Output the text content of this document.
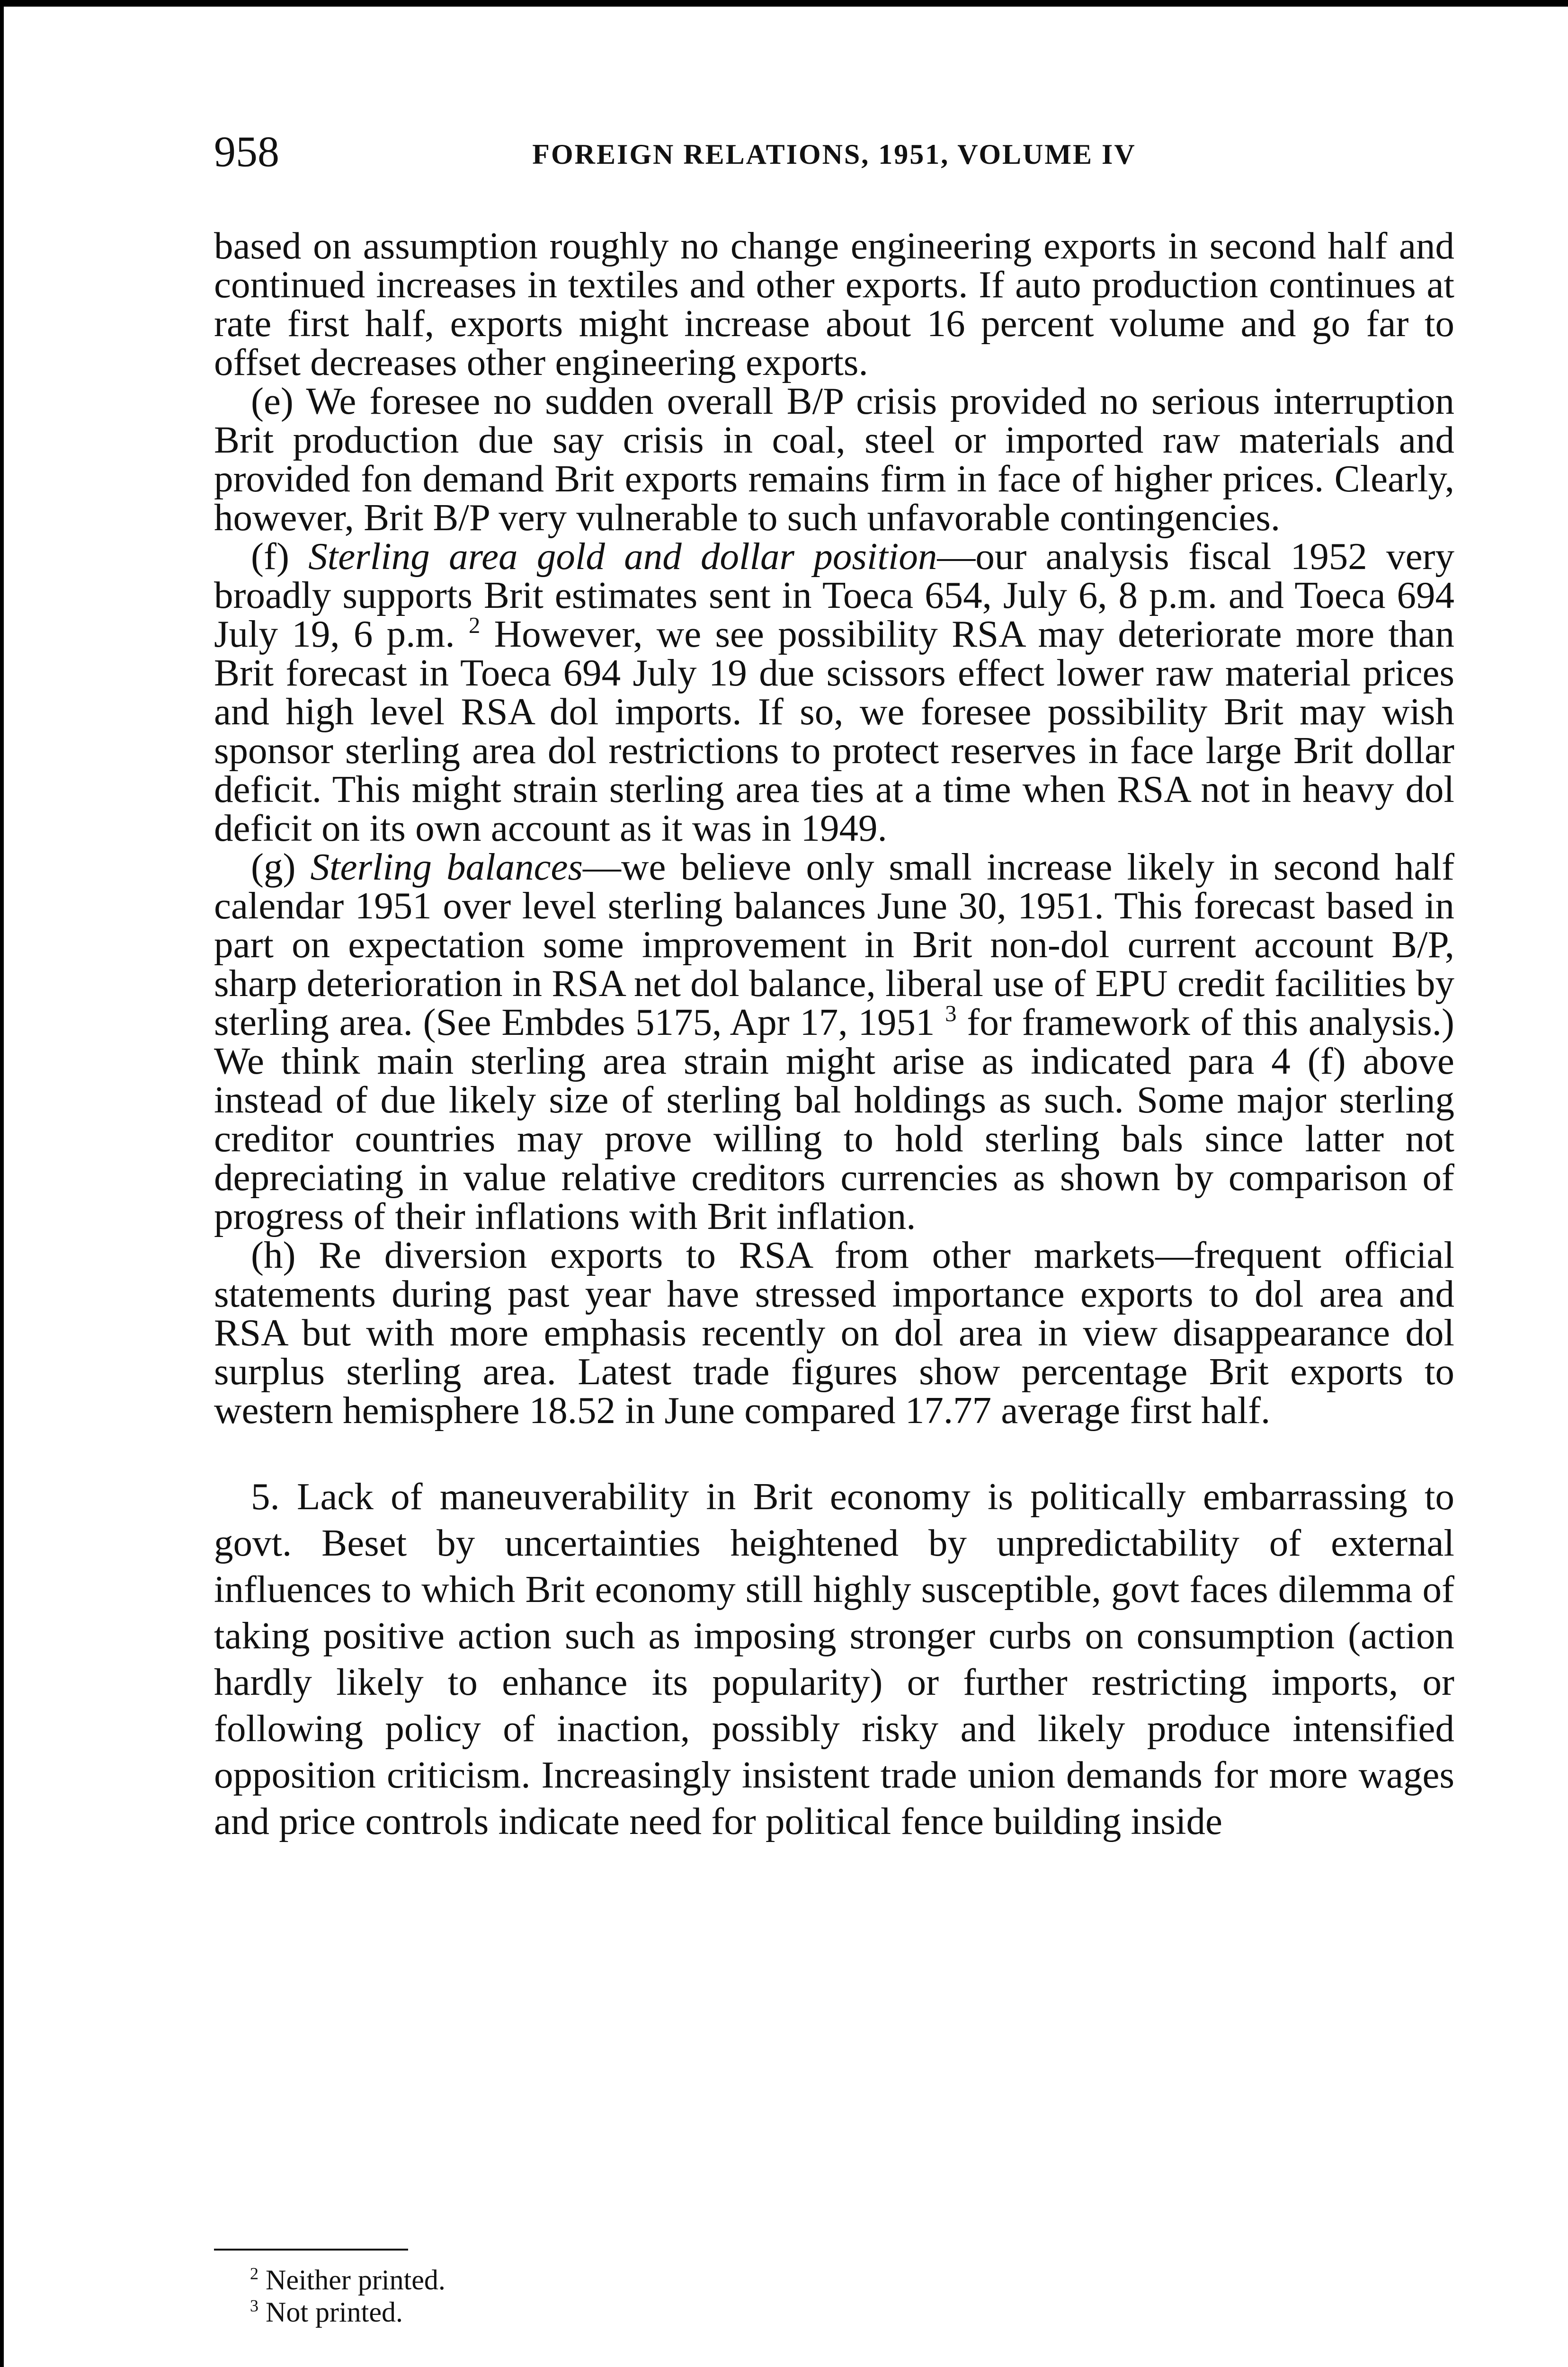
958	FOREIGN RELATIONS, 1951, VOLUME IV

based on assumption roughly no change engineering exports in second half and continued increases in textiles and other exports. If auto production continues at rate first half, exports might increase about 16 percent volume and go far to offset decreases other engineering exports.

(e) We foresee no sudden overall B/P crisis provided no serious interruption Brit production due say crisis in coal, steel or imported raw materials and provided fon demand Brit exports remains firm in face of higher prices. Clearly, however, Brit B/P very vulnerable to such unfavorable contingencies.

(f) Sterling area gold and dollar position—our analysis fiscal 1952 very broadly supports Brit estimates sent in Toeca 654, July 6, 8 p.m. and Toeca 694 July 19, 6 p.m. $^2$ However, we see possibility RSA may deteriorate more than Brit forecast in Toeca 694 July 19 due scissors effect lower raw material prices and high level RSA dol imports. If so, we foresee possibility Brit may wish sponsor sterling area dol restrictions to protect reserves in face large Brit dollar deficit. This might strain sterling area ties at a time when RSA not in heavy dol deficit on its own account as it was in 1949.

(g) Sterling balances—we believe only small increase likely in second half calendar 1951 over level sterling balances June 30, 1951. This forecast based in part on expectation some improvement in Brit non-dol current account B/P, sharp deterioration in RSA net dol balance, liberal use of EPU credit facilities by sterling area. (See Embdes 5175, Apr 17, 1951 $^3$ for framework of this analysis.) We think main sterling area strain might arise as indicated para 4 (f) above instead of due likely size of sterling bal holdings as such. Some major sterling creditor countries may prove willing to hold sterling bals since latter not depreciating in value relative creditors currencies as shown by comparison of progress of their inflations with Brit inflation.

(h) Re diversion exports to RSA from other markets—frequent official statements during past year have stressed importance exports to dol area and RSA but with more emphasis recently on dol area in view disappearance dol surplus sterling area. Latest trade figures show percentage Brit exports to western hemisphere 18.52 in June compared 17.77 average first half.

5. Lack of maneuverability in Brit economy is politically embarrassing to govt. Beset by uncertainties heightened by unpredictability of external influences to which Brit economy still highly susceptible, govt faces dilemma of taking positive action such as imposing stronger curbs on consumption (action hardly likely to enhance its popularity) or further restricting imports, or following policy of inaction, possibly risky and likely produce intensified opposition criticism. Increasingly insistent trade union demands for more wages and price controls indicate need for political fence building inside

$^2$ Neither printed.

$^3$ Not printed.
